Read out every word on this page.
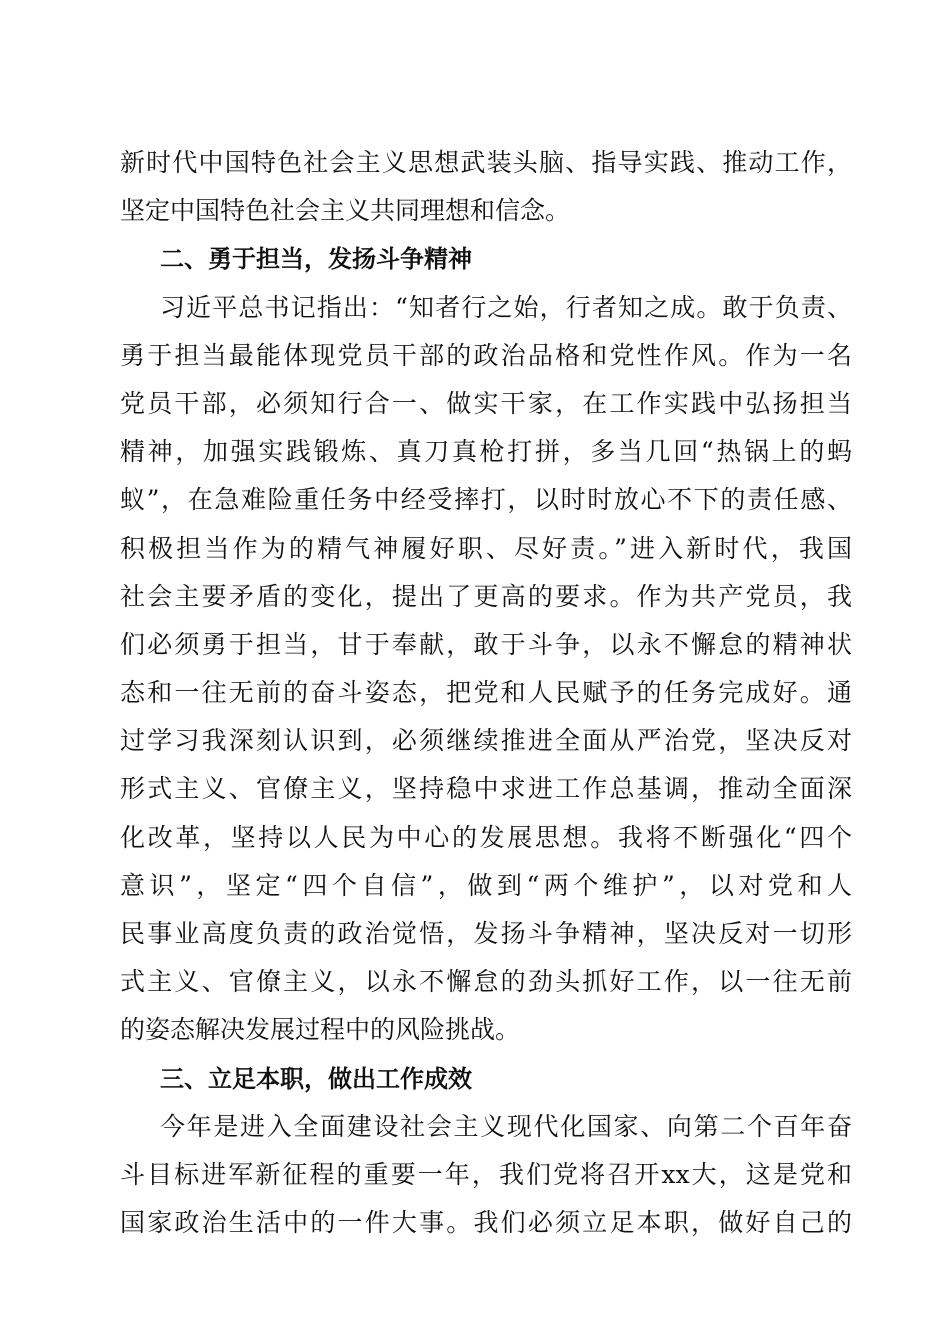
新时代中国特色社会主义思想武装头脑、指导实践、推动工作，
坚定中国特色社会主义共同理想和信念。
二、勇于担当，发扬斗争精神
习近平总书记指出：“知者行之始，行者知之成。敢于负责、
勇于担当最能体现党员干部的政治品格和党性作风。作为一名
党员干部，必须知行合一、做实干家，在工作实践中弘扬担当
精神，加强实践锻炼、真刀真枪打拼，多当几回“热锅上的蚂
蚁”，在急难险重任务中经受摔打，以时时放心不下的责任感、
积极担当作为的精气神履好职、尽好责。”进入新时代，我国
社会主要矛盾的变化，提出了更高的要求。作为共产党员，我
们必须勇于担当，甘于奉献，敢于斗争，以永不懈怠的精神状
态和一往无前的奋斗姿态，把党和人民赋予的任务完成好。通
过学习我深刻认识到，必须继续推进全面从严治党，坚决反对
形式主义、官僚主义，坚持稳中求进工作总基调，推动全面深
化改革，坚持以人民为中心的发展思想。我将不断强化“四个
意识”，坚定“四个自信”，做到“两个维护”，以对党和人
民事业高度负责的政治觉悟，发扬斗争精神，坚决反对一切形
式主义、官僚主义，以永不懈怠的劲头抓好工作，以一往无前
的姿态解决发展过程中的风险挑战。
三、立足本职，做出工作成效
今年是进入全面建设社会主义现代化国家、向第二个百年奋
斗目标进军新征程的重要一年，我们党将召开xx大，这是党和
国家政治生活中的一件大事。我们必须立足本职，做好自己的
